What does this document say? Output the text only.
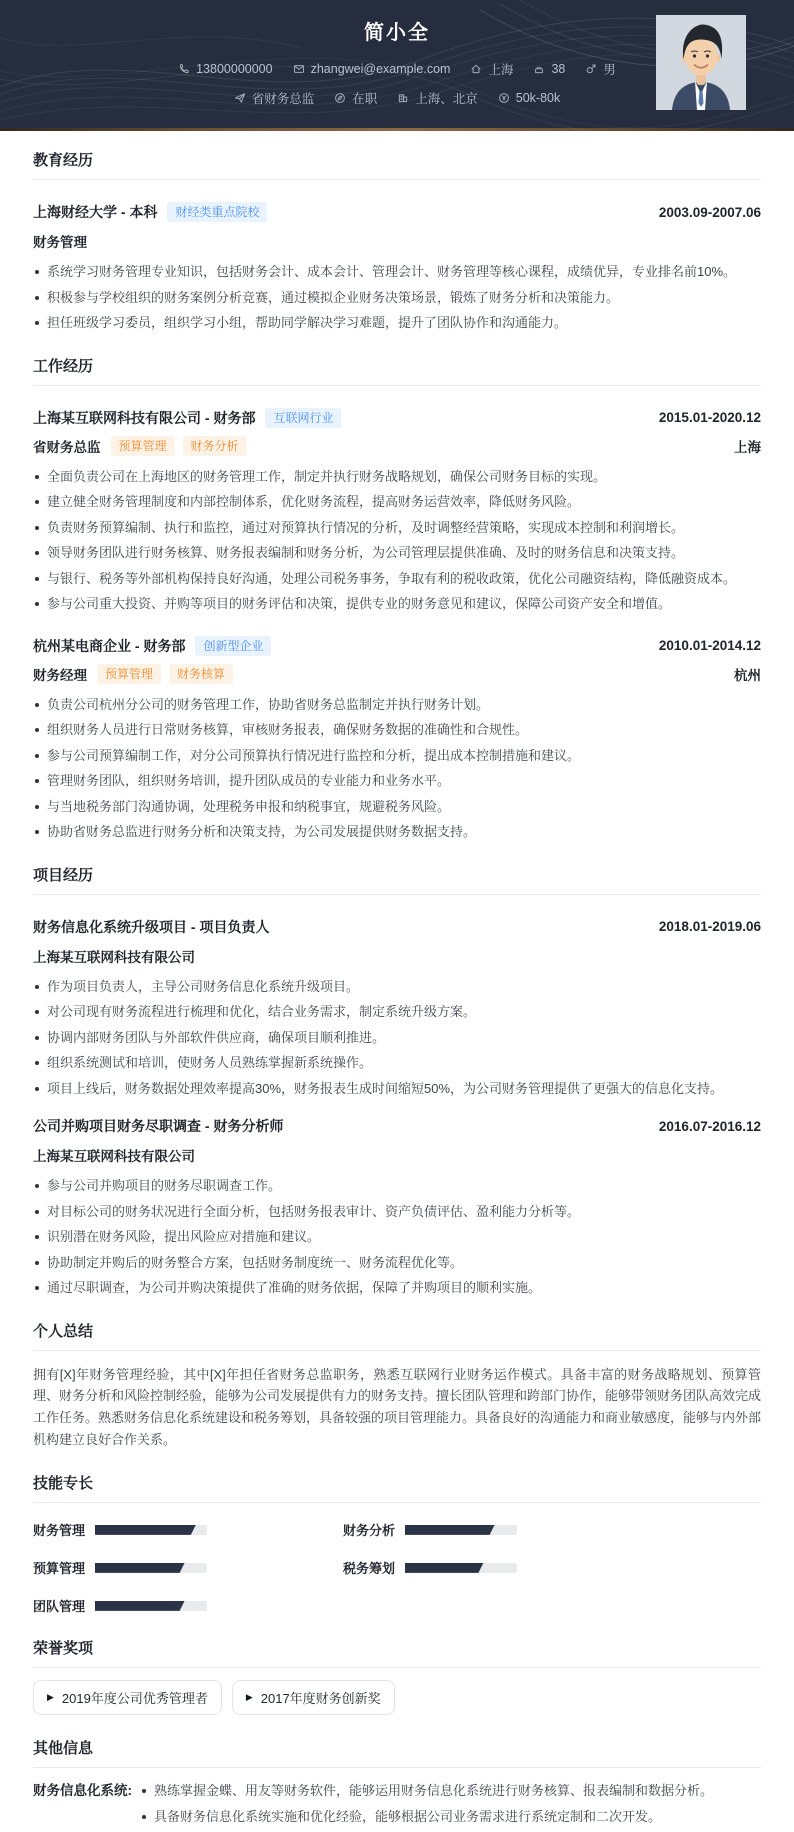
简小全
13800000000	zhangwei@example.com	上海	38	男
省财务总监	在职	上海、北京	50k-80k
教育经历
上海财经大学 - 本科	财经类重点院校	2003.09-2007.06
财务管理
系统学习财务管理专业知识，包括财务会计、成本会计、管理会计、财务管理等核心课程，成绩优异，专业排名前10%。
积极参与学校组织的财务案例分析竞赛，通过模拟企业财务决策场景，锻炼了财务分析和决策能力。
担任班级学习委员，组织学习小组，帮助同学解决学习难题，提升了团队协作和沟通能力。
工作经历
上海某互联网科技有限公司 - 财务部	互联网行业	2015.01-2020.12
省财务总监	预算管理	财务分析	上海
全面负责公司在上海地区的财务管理工作，制定并执行财务战略规划，确保公司财务目标的实现。
建立健全财务管理制度和内部控制体系，优化财务流程，提高财务运营效率，降低财务风险。
负责财务预算编制、执行和监控，通过对预算执行情况的分析，及时调整经营策略，实现成本控制和利润增长。
领导财务团队进行财务核算、财务报表编制和财务分析，为公司管理层提供准确、及时的财务信息和决策支持。
与银行、税务等外部机构保持良好沟通，处理公司税务事务，争取有利的税收政策，优化公司融资结构，降低融资成本。
参与公司重大投资、并购等项目的财务评估和决策，提供专业的财务意见和建议，保障公司资产安全和增值。
杭州某电商企业 - 财务部	创新型企业	2010.01-2014.12
财务经理	预算管理	财务核算	杭州
负责公司杭州分公司的财务管理工作，协助省财务总监制定并执行财务计划。
组织财务人员进行日常财务核算，审核财务报表，确保财务数据的准确性和合规性。
参与公司预算编制工作，对分公司预算执行情况进行监控和分析，提出成本控制措施和建议。
管理财务团队，组织财务培训，提升团队成员的专业能力和业务水平。
与当地税务部门沟通协调，处理税务申报和纳税事宜，规避税务风险。
协助省财务总监进行财务分析和决策支持，为公司发展提供财务数据支持。
项目经历
财务信息化系统升级项目 - 项目负责人	2018.01-2019.06
上海某互联网科技有限公司
作为项目负责人，主导公司财务信息化系统升级项目。
对公司现有财务流程进行梳理和优化，结合业务需求，制定系统升级方案。
协调内部财务团队与外部软件供应商，确保项目顺利推进。
组织系统测试和培训，使财务人员熟练掌握新系统操作。
项目上线后，财务数据处理效率提高30%，财务报表生成时间缩短50%，为公司财务管理提供了更强大的信息化支持。
公司并购项目财务尽职调查 - 财务分析师	2016.07-2016.12
上海某互联网科技有限公司
参与公司并购项目的财务尽职调查工作。
对目标公司的财务状况进行全面分析，包括财务报表审计、资产负债评估、盈利能力分析等。
识别潜在财务风险，提出风险应对措施和建议。
协助制定并购后的财务整合方案，包括财务制度统一、财务流程优化等。
通过尽职调查，为公司并购决策提供了准确的财务依据，保障了并购项目的顺利实施。
个人总结

拥有[X]年财务管理经验，其中[X]年担任省财务总监职务，熟悉互联网行业财务运作模式。具备丰富的财务战略规划、预算管理、财务分析和风险控制经验，能够为公司发展提供有力的财务支持。擅长团队管理和跨部门协作，能够带领财务团队高效完成工作任务。熟悉财务信息化系统建设和税务筹划，具备较强的项目管理能力。具备良好的沟通能力和商业敏感度，能够与内外部机构建立良好合作关系。

技能专长
财务管理	财务分析
预算管理	税务筹划
团队管理
荣誉奖项
▶ 2019年度公司优秀管理者	▶ 2017年度财务创新奖
其他信息
财务信息化系统:	熟练掌握金蝶、用友等财务软件，能够运用财务信息化系统进行财务核算、报表编制和数据分析。
具备财务信息化系统实施和优化经验，能够根据公司业务需求进行系统定制和二次开发。
